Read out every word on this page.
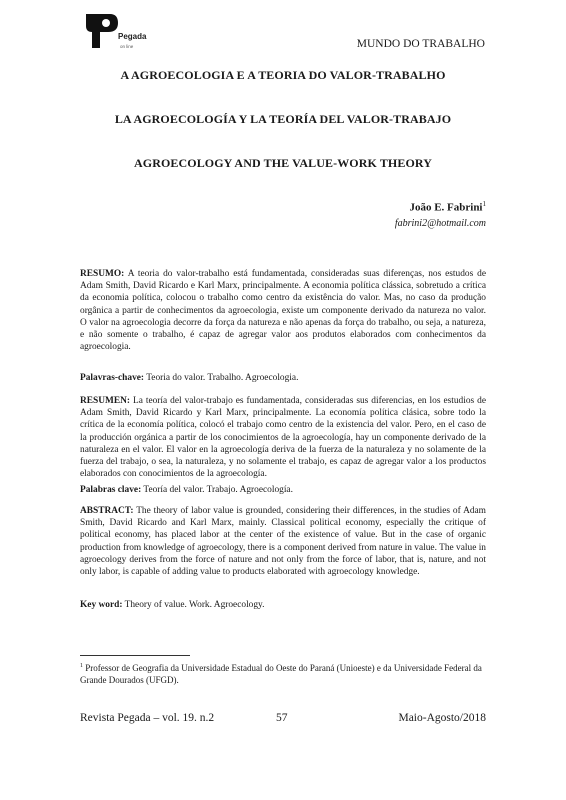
Pegada
on line	MUNDO DO TRABALHO
A AGROECOLOGIA E A TEORIA DO VALOR-TRABALHO
LA AGROECOLOGÍA Y LA TEORÍA DEL VALOR-TRABAJO
AGROECOLOGY AND THE VALUE-WORK THEORY
João E. Fabrini$^1$
fabrini2@hotmail.com
RESUMO: A teoria do valor-trabalho está fundamentada, consideradas suas diferenças, nos estudos de Adam Smith, David Ricardo e Karl Marx, principalmente. A economia política clássica, sobretudo a crítica da economia política, colocou o trabalho como centro da existência do valor. Mas, no caso da produção orgânica a partir de conhecimentos da agroecologia, existe um componente derivado da natureza no valor. O valor na agroecologia decorre da força da natureza e não apenas da força do trabalho, ou seja, a natureza, e não somente o trabalho, é capaz de agregar valor aos produtos elaborados com conhecimentos da agroecologia.
Palavras-chave: Teoria do valor. Trabalho. Agroecologia.
RESUMEN: La teoría del valor-trabajo es fundamentada, consideradas sus diferencias, en los estudios de Adam Smith, David Ricardo y Karl Marx, principalmente. La economía política clásica, sobre todo la crítica de la economía política, colocó el trabajo como centro de la existencia del valor. Pero, en el caso de la producción orgánica a partir de los conocimientos de la agroecología, hay un componente derivado de la naturaleza en el valor. El valor en la agroecología deriva de la fuerza de la naturaleza y no solamente de la fuerza del trabajo, o sea, la naturaleza, y no solamente el trabajo, es capaz de agregar valor a los productos elaborados con conocimientos de la agroecología.
Palabras clave: Teoría del valor. Trabajo. Agroecología.
ABSTRACT: The theory of labor value is grounded, considering their differences, in the studies of Adam Smith, David Ricardo and Karl Marx, mainly. Classical political economy, especially the critique of political economy, has placed labor at the center of the existence of value. But in the case of organic production from knowledge of agroecology, there is a component derived from nature in value. The value in agroecology derives from the force of nature and not only from the force of labor, that is, nature, and not only labor, is capable of adding value to products elaborated with agroecology knowledge.
Key word: Theory of value. Work. Agroecology.
$^1$ Professor de Geografia da Universidade Estadual do Oeste do Paraná (Unioeste) e da Universidade Federal da Grande Dourados (UFGD).
Revista Pegada – vol. 19. n.2	57	Maio-Agosto/2018
